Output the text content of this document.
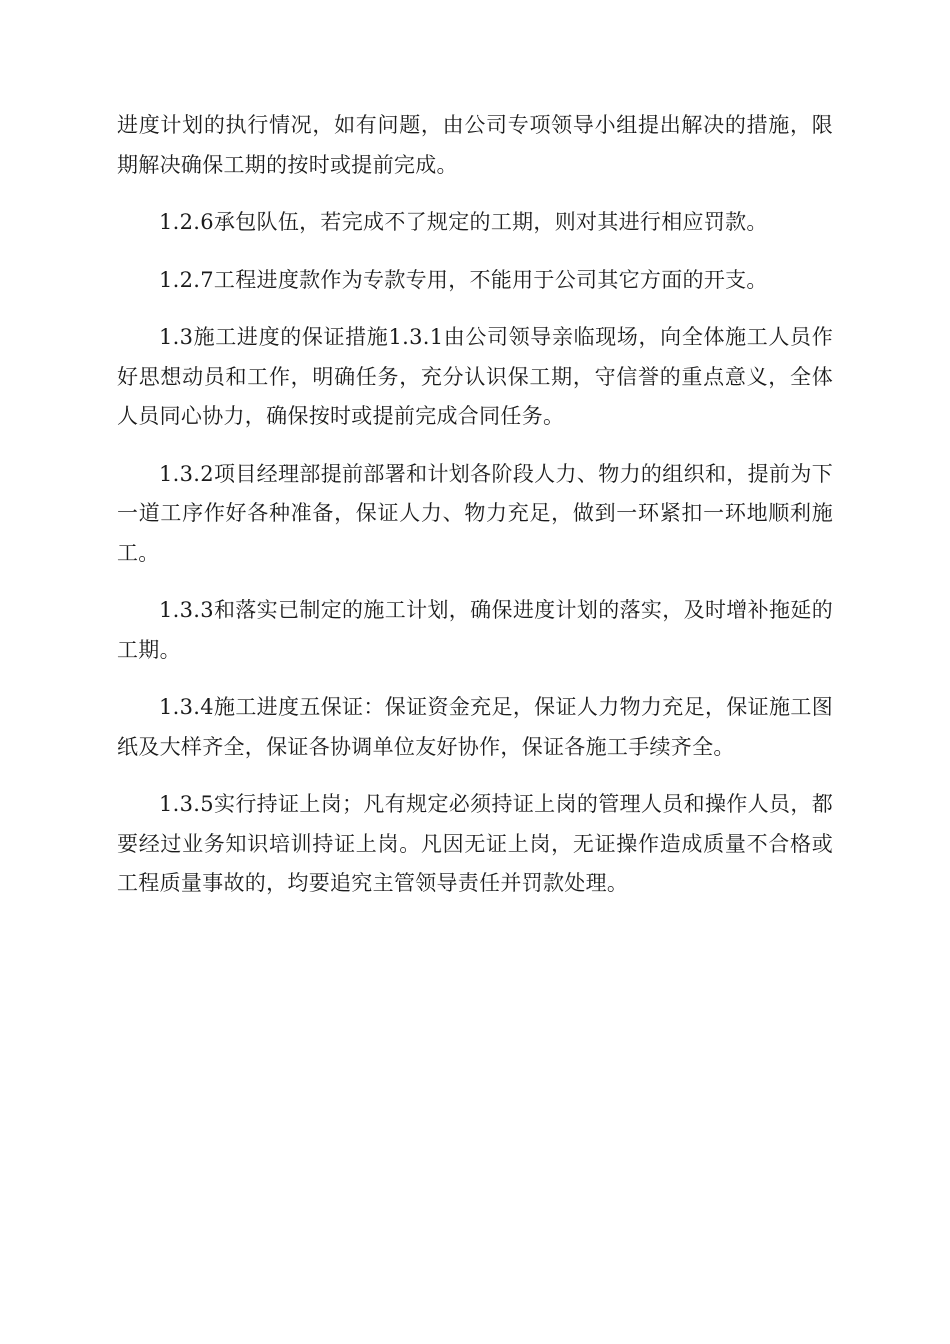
进度计划的执行情况，如有问题，由公司专项领导小组提出解决的措施，限期解决确保工期的按时或提前完成。

1.2.6承包队伍，若完成不了规定的工期，则对其进行相应罚款。

1.2.7工程进度款作为专款专用，不能用于公司其它方面的开支。

1.3施工进度的保证措施1.3.1由公司领导亲临现场，向全体施工人员作好思想动员和工作，明确任务，充分认识保工期，守信誉的重点意义，全体人员同心协力，确保按时或提前完成合同任务。

1.3.2项目经理部提前部署和计划各阶段人力、物力的组织和，提前为下一道工序作好各种准备，保证人力、物力充足，做到一环紧扣一环地顺利施工。

1.3.3和落实已制定的施工计划，确保进度计划的落实，及时增补拖延的工期。

1.3.4施工进度五保证：保证资金充足，保证人力物力充足，保证施工图纸及大样齐全，保证各协调单位友好协作，保证各施工手续齐全。

1.3.5实行持证上岗；凡有规定必须持证上岗的管理人员和操作人员，都要经过业务知识培训持证上岗。凡因无证上岗，无证操作造成质量不合格或工程质量事故的，均要追究主管领导责任并罚款处理。
